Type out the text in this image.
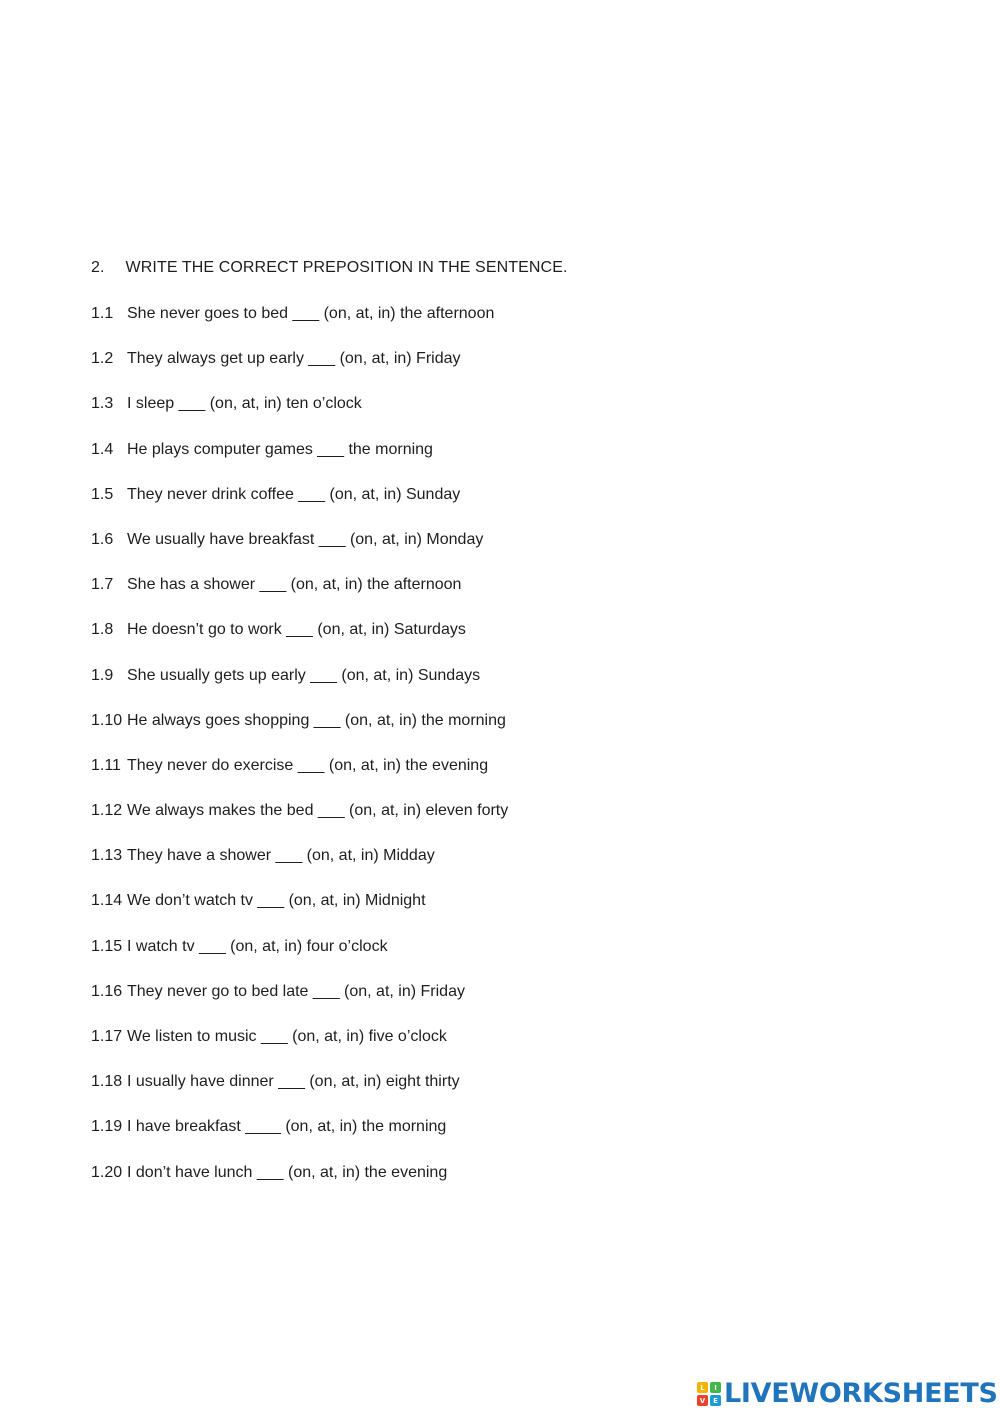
2. WRITE THE CORRECT PREPOSITION IN THE SENTENCE.
1.1 She never goes to bed ___ (on, at, in) the afternoon
1.2 They always get up early ___ (on, at, in) Friday
1.3 I sleep ___ (on, at, in) ten o’clock
1.4 He plays computer games ___ the morning
1.5 They never drink coffee ___ (on, at, in) Sunday
1.6 We usually have breakfast ___ (on, at, in) Monday
1.7 She has a shower ___ (on, at, in) the afternoon
1.8 He doesn’t go to work ___ (on, at, in) Saturdays
1.9 She usually gets up early ___ (on, at, in) Sundays
1.10 He always goes shopping ___ (on, at, in) the morning
1.11 They never do exercise ___ (on, at, in) the evening
1.12 We always makes the bed ___ (on, at, in) eleven forty
1.13 They have a shower ___ (on, at, in) Midday
1.14 We don’t watch tv ___ (on, at, in) Midnight
1.15 I watch tv ___ (on, at, in) four o’clock
1.16 They never go to bed late ___ (on, at, in) Friday
1.17 We listen to music ___ (on, at, in) five o’clock
1.18 I usually have dinner ___ (on, at, in) eight thirty
1.19 I have breakfast ____ (on, at, in) the morning
1.20 I don’t have lunch ___ (on, at, in) the evening
L	I
V	E LIVEWORKSHEETS
